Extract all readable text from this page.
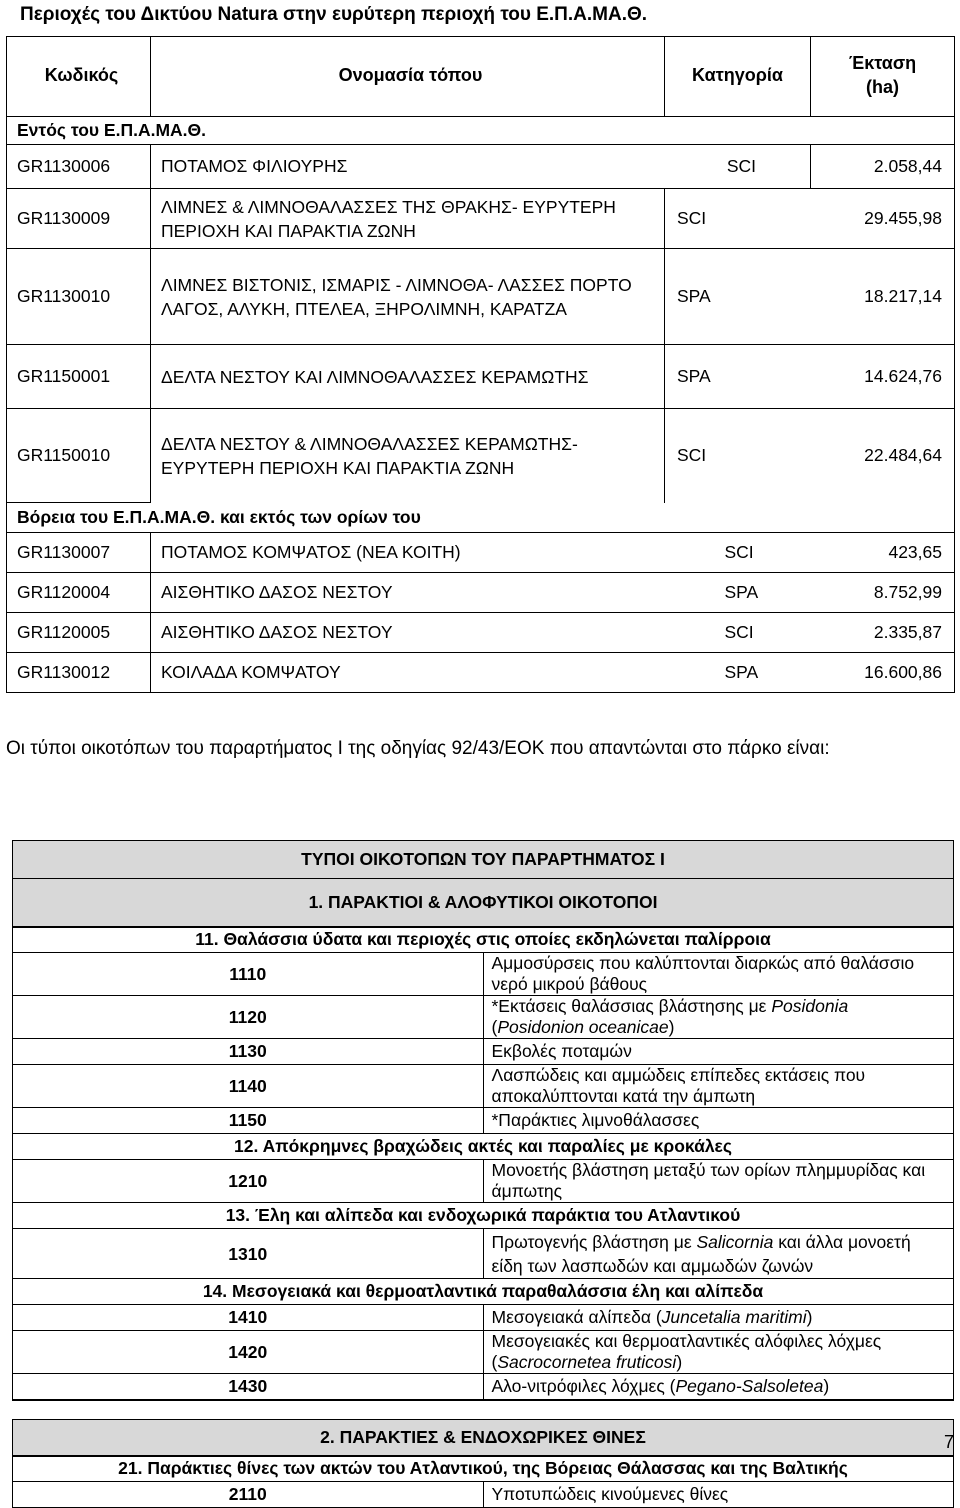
Περιοχές του Δικτύου Natura στην ευρύτερη περιοχή του Ε.Π.Α.ΜΑ.Θ.
Κωδικός	Ονομασία τόπου	Κατηγορία	Έκταση (ha)
Εντός του Ε.Π.Α.ΜΑ.Θ.			
GR1130006	ΠΟΤΑΜΟΣ ΦΙΛΙΟΥΡΗΣ	SCI	2.058,44
GR1130009	ΛΙΜΝΕΣ & ΛΙΜΝΟΘΑΛΑΣΣΕΣ ΤΗΣ ΘΡΑΚΗΣ- ΕΥΡΥΤΕΡΗ ΠΕΡΙΟΧΗ ΚΑΙ ΠΑΡΑΚΤΙΑ ΖΩΝΗ	SCI	29.455,98
GR1130010	ΛΙΜΝΕΣ ΒΙΣΤΟΝΙΣ, ΙΣΜΑΡΙΣ - ΛΙΜΝΟΘΑ- ΛΑΣΣΕΣ ΠΟΡΤΟ ΛΑΓΟΣ, ΑΛΥΚΗ, ΠΤΕΛΕΑ, ΞΗΡΟΛΙΜΝΗ, ΚΑΡΑΤΖΑ	SPA	18.217,14
GR1150001	ΔΕΛΤΑ ΝΕΣΤΟΥ ΚΑΙ ΛΙΜΝΟΘΑΛΑΣΣΕΣ ΚΕΡΑΜΩΤΗΣ	SPA	14.624,76
GR1150010	ΔΕΛΤΑ ΝΕΣΤΟΥ & ΛΙΜΝΟΘΑΛΑΣΣΕΣ ΚΕΡΑΜΩΤΗΣ-ΕΥΡΥΤΕΡΗ ΠΕΡΙΟΧΗ ΚΑΙ ΠΑΡΑΚΤΙΑ ΖΩΝΗ	SCI	22.484,64
Βόρεια του Ε.Π.Α.ΜΑ.Θ. και εκτός των ορίων του			
GR1130007	ΠΟΤΑΜΟΣ ΚΟΜΨΑΤΟΣ (ΝΕΑ ΚΟΙΤΗ)	SCI	423,65
GR1120004	ΑΙΣΘΗΤΙΚΟ ΔΑΣΟΣ ΝΕΣΤΟΥ	SPA	8.752,99
GR1120005	ΑΙΣΘΗΤΙΚΟ ΔΑΣΟΣ ΝΕΣΤΟΥ	SCI	2.335,87
GR1130012	ΚΟΙΛΑΔΑ ΚΟΜΨΑΤΟΥ	SPA	16.600,86
Οι τύποι οικοτόπων του παραρτήματος Ι της οδηγίας 92/43/ΕΟΚ που απαντώνται στο πάρκο είναι:
ΤΥΠΟΙ ΟΙΚΟΤΟΠΩΝ ΤΟΥ ΠΑΡΑΡΤΗΜΑΤΟΣ Ι	
1. ΠΑΡΑΚΤΙΟΙ & ΑΛΟΦΥΤΙΚΟΙ ΟΙΚΟΤΟΠΟΙ	
11. Θαλάσσια ύδατα και περιοχές στις οποίες εκδηλώνεται παλίρροια	
1110	Αμμοσύρσεις που καλύπτονται διαρκώς από θαλάσσιο νερό μικρού βάθους
1120	*Εκτάσεις θαλάσσιας βλάστησης με Posidonia (Posidonion oceanicae)
1130	Εκβολές ποταμών
1140	Λασπώδεις και αμμώδεις επίπεδες εκτάσεις που αποκαλύπτονται κατά την άμπωτη
1150	*Παράκτιες λιμνοθάλασσες
12. Απόκρημνες βραχώδεις ακτές και παραλίες με κροκάλες	
1210	Μονοετής βλάστηση μεταξύ των ορίων πλημμυρίδας και άμπωτης
13. Έλη και αλίπεδα και ενδοχωρικά παράκτια του Ατλαντικού	
1310	Πρωτογενής βλάστηση με Salicornia και άλλα μονοετή είδη των λασπωδών και αμμωδών ζωνών
14. Μεσογειακά και θερμοατλαντικά παραθαλάσσια έλη και αλίπεδα	
1410	Μεσογειακά αλίπεδα (Juncetalia maritimi)
1420	Μεσογειακές και θερμοατλαντικές αλόφιλες λόχμες (Sacrocornetea fruticosi)
1430	Αλο-νιτρόφιλες λόχμες (Pegano-Salsoletea)

2. ΠΑΡΑΚΤΙΕΣ & ΕΝΔΟΧΩΡΙΚΕΣ ΘΙΝΕΣ	
21. Παράκτιες θίνες των ακτών του Ατλαντικού, της Βόρειας Θάλασσας και της Βαλτικής	
2110	Υποτυπώδεις κινούμενες θίνες
7
